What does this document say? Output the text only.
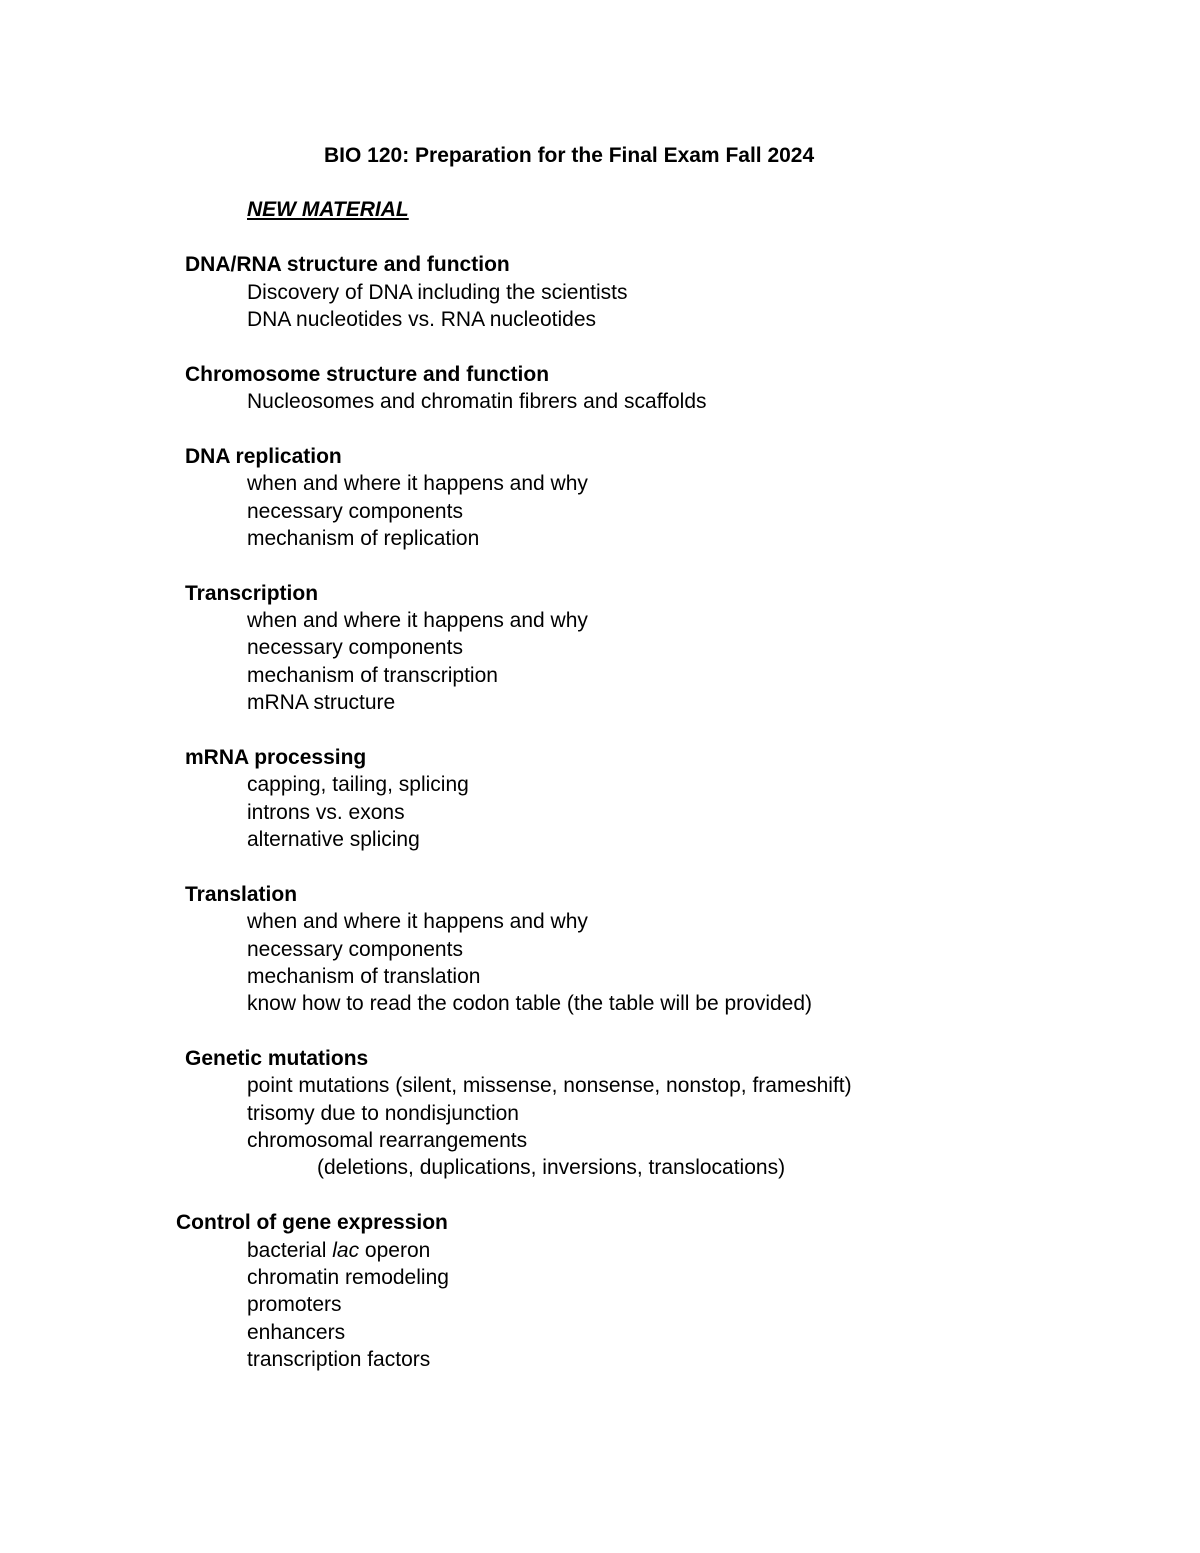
BIO 120: Preparation for the Final Exam Fall 2024
NEW MATERIAL
DNA/RNA structure and function
Discovery of DNA including the scientists
DNA nucleotides vs. RNA nucleotides
Chromosome structure and function
Nucleosomes and chromatin fibrers and scaffolds
DNA replication
when and where it happens and why
necessary components
mechanism of replication
Transcription
when and where it happens and why
necessary components
mechanism of transcription
mRNA structure
mRNA processing
capping, tailing, splicing
introns vs. exons
alternative splicing
Translation
when and where it happens and why
necessary components
mechanism of translation
know how to read the codon table (the table will be provided)
Genetic mutations
point mutations (silent, missense, nonsense, nonstop, frameshift)
trisomy due to nondisjunction
chromosomal rearrangements
(deletions, duplications, inversions, translocations)
Control of gene expression
bacterial lac operon
chromatin remodeling
promoters
enhancers
transcription factors
